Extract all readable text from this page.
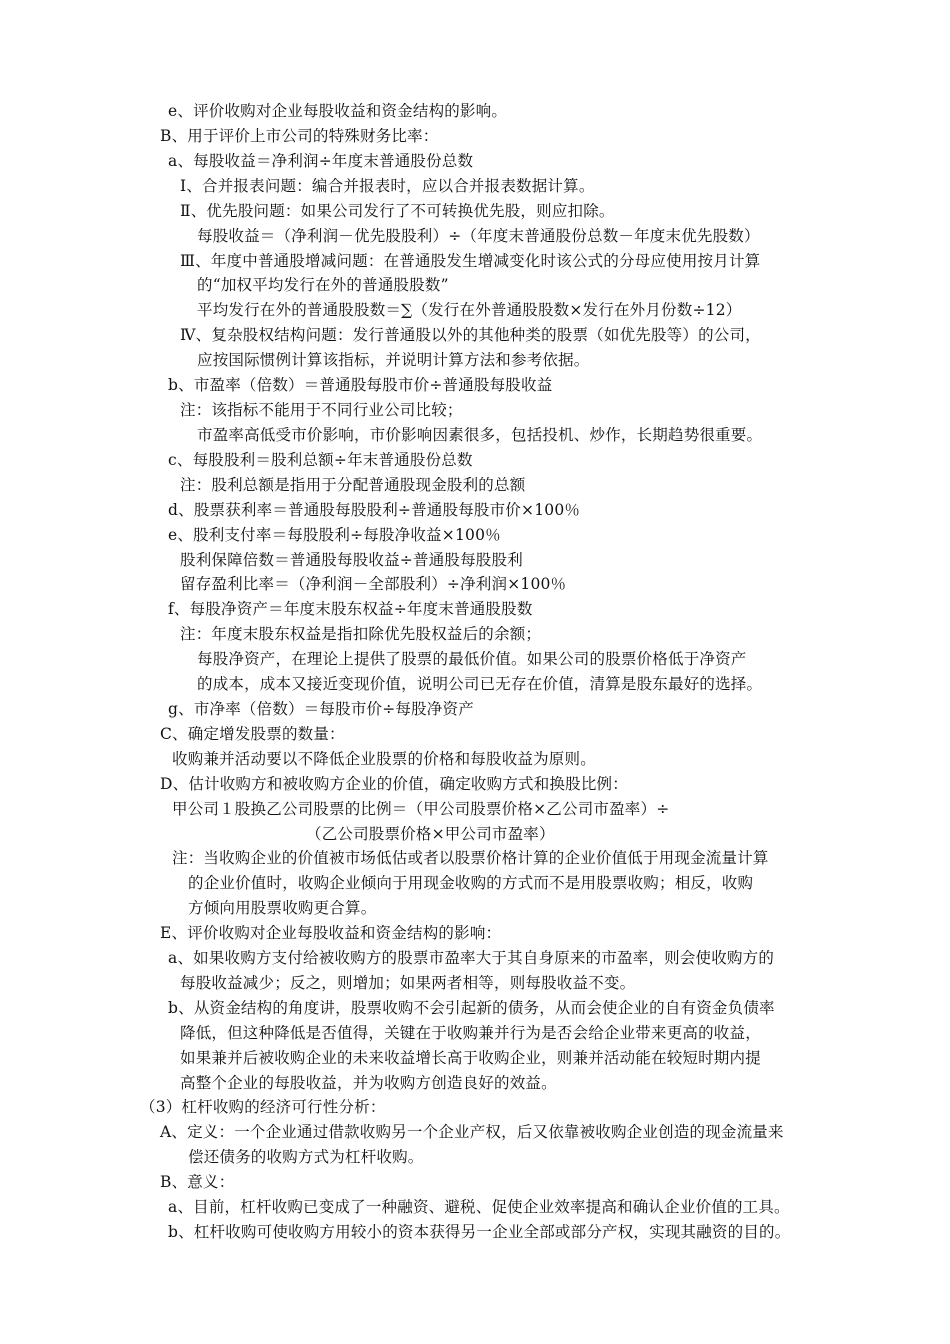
e、评价收购对企业每股收益和资金结构的影响。
B、用于评价上市公司的特殊财务比率：
a、每股收益＝净利润÷年度末普通股份总数
Ⅰ、合并报表问题：编合并报表时，应以合并报表数据计算。
Ⅱ、优先股问题：如果公司发行了不可转换优先股，则应扣除。
每股收益＝（净利润－优先股股利）÷（年度末普通股份总数－年度末优先股数）
Ⅲ、年度中普通股增减问题：在普通股发生增减变化时该公式的分母应使用按月计算
的“加权平均发行在外的普通股股数”
平均发行在外的普通股股数＝∑（发行在外普通股股数×发行在外月份数÷12）
Ⅳ、复杂股权结构问题：发行普通股以外的其他种类的股票（如优先股等）的公司，
应按国际惯例计算该指标，并说明计算方法和参考依据。
b、市盈率（倍数）＝普通股每股市价÷普通股每股收益
注：该指标不能用于不同行业公司比较；
市盈率高低受市价影响，市价影响因素很多，包括投机、炒作，长期趋势很重要。
c、每股股利＝股利总额÷年末普通股份总数
注：股利总额是指用于分配普通股现金股利的总额
d、股票获利率＝普通股每股股利÷普通股每股市价×100％
e、股利支付率＝每股股利÷每股净收益×100％
股利保障倍数＝普通股每股收益÷普通股每股股利
留存盈利比率＝（净利润－全部股利）÷净利润×100％
f、每股净资产＝年度末股东权益÷年度末普通股股数
注：年度末股东权益是指扣除优先股权益后的余额；
每股净资产，在理论上提供了股票的最低价值。如果公司的股票价格低于净资产
的成本，成本又接近变现价值，说明公司已无存在价值，清算是股东最好的选择。
g、市净率（倍数）＝每股市价÷每股净资产
C、确定增发股票的数量：
收购兼并活动要以不降低企业股票的价格和每股收益为原则。
D、估计收购方和被收购方企业的价值，确定收购方式和换股比例：
甲公司１股换乙公司股票的比例＝（甲公司股票价格×乙公司市盈率）÷
（乙公司股票价格×甲公司市盈率）
注：当收购企业的价值被市场低估或者以股票价格计算的企业价值低于用现金流量计算
的企业价值时，收购企业倾向于用现金收购的方式而不是用股票收购；相反，收购
方倾向用股票收购更合算。
E、评价收购对企业每股收益和资金结构的影响：
a、如果收购方支付给被收购方的股票市盈率大于其自身原来的市盈率，则会使收购方的
每股收益减少；反之，则增加；如果两者相等，则每股收益不变。
b、从资金结构的角度讲，股票收购不会引起新的债务，从而会使企业的自有资金负债率
降低，但这种降低是否值得，关键在于收购兼并行为是否会给企业带来更高的收益，
如果兼并后被收购企业的未来收益增长高于收购企业，则兼并活动能在较短时期内提
高整个企业的每股收益，并为收购方创造良好的效益。
（3）杠杆收购的经济可行性分析：
A、定义：一个企业通过借款收购另一个企业产权，后又依靠被收购企业创造的现金流量来
偿还债务的收购方式为杠杆收购。
B、意义：
a、目前，杠杆收购已变成了一种融资、避税、促使企业效率提高和确认企业价值的工具。
b、杠杆收购可使收购方用较小的资本获得另一企业全部或部分产权，实现其融资的目的。
